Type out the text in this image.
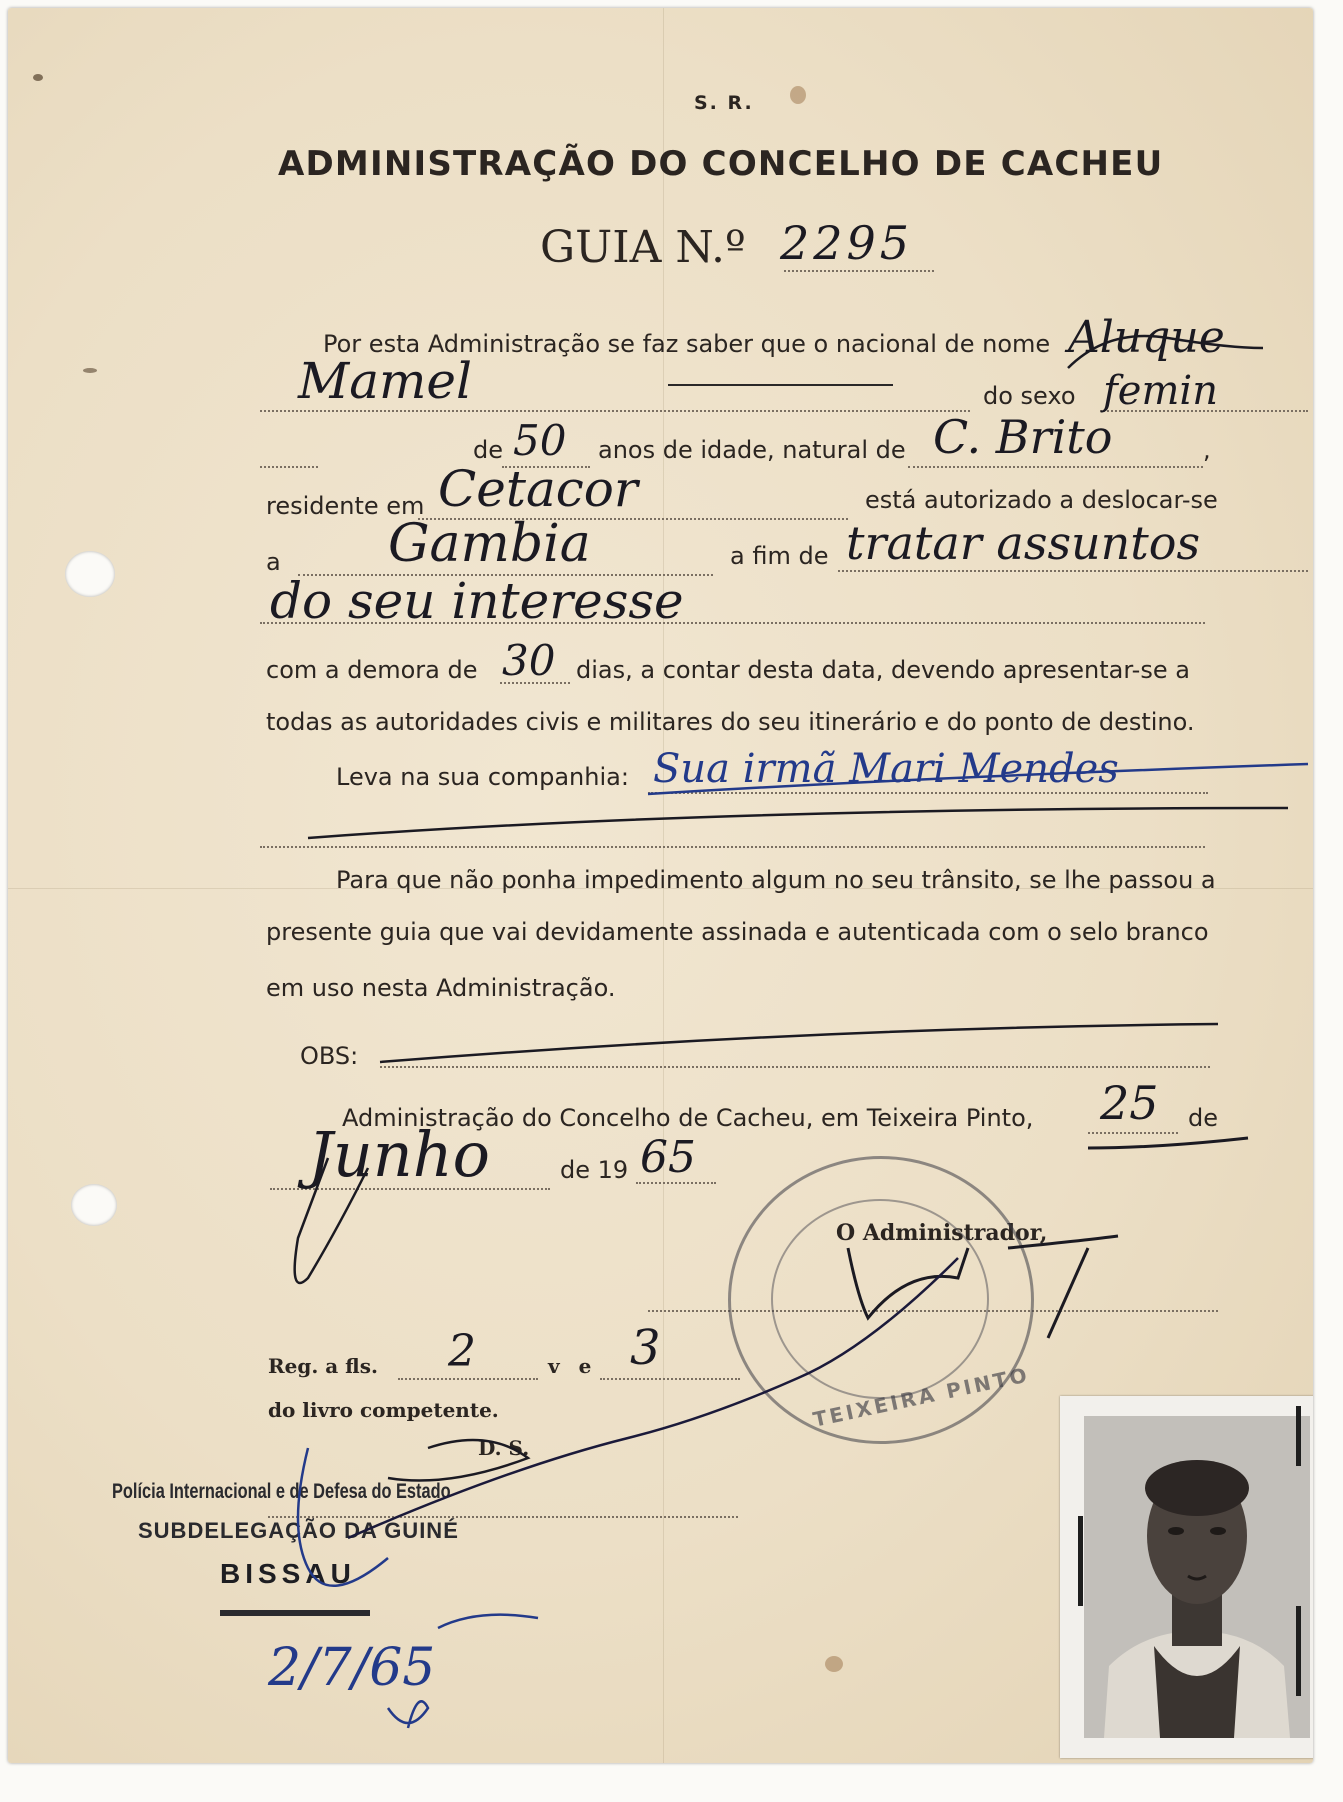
S. R.
ADMINISTRAÇÃO DO CONCELHO DE CACHEU
GUIA N.º 2295
Por esta Administração se faz saber que o nacional de nome Aluque
Mamel	do sexo femin
de 50 anos de idade, natural de C. Brito	,
residente em Cetacor	está autorizado a deslocar-se
a Gambia	a fim de tratar assuntos
do seu interesse
com a demora de 30 dias, a contar desta data, devendo apresentar-se a
todas as autoridades civis e militares do seu itinerário e do ponto de destino.
Leva na sua companhia: Sua irmã Mari Mendes
Para que não ponha impedimento algum no seu trânsito, se lhe passou a
presente guia que vai devidamente assinada e autenticada com o selo branco
em uso nesta Administração.
OBS:
Administração do Concelho de Cacheu, em Teixeira Pinto, 25 de
Junho	de 19 65
O Administrador,
TEIXEIRA PINTO
Reg. a fls. 2	v e 3
do livro competente.
D. S.
Polícia Internacional e de Defesa do Estado
SUBDELEGAÇÃO DA GUINÉ
BISSAU
2/7/65
